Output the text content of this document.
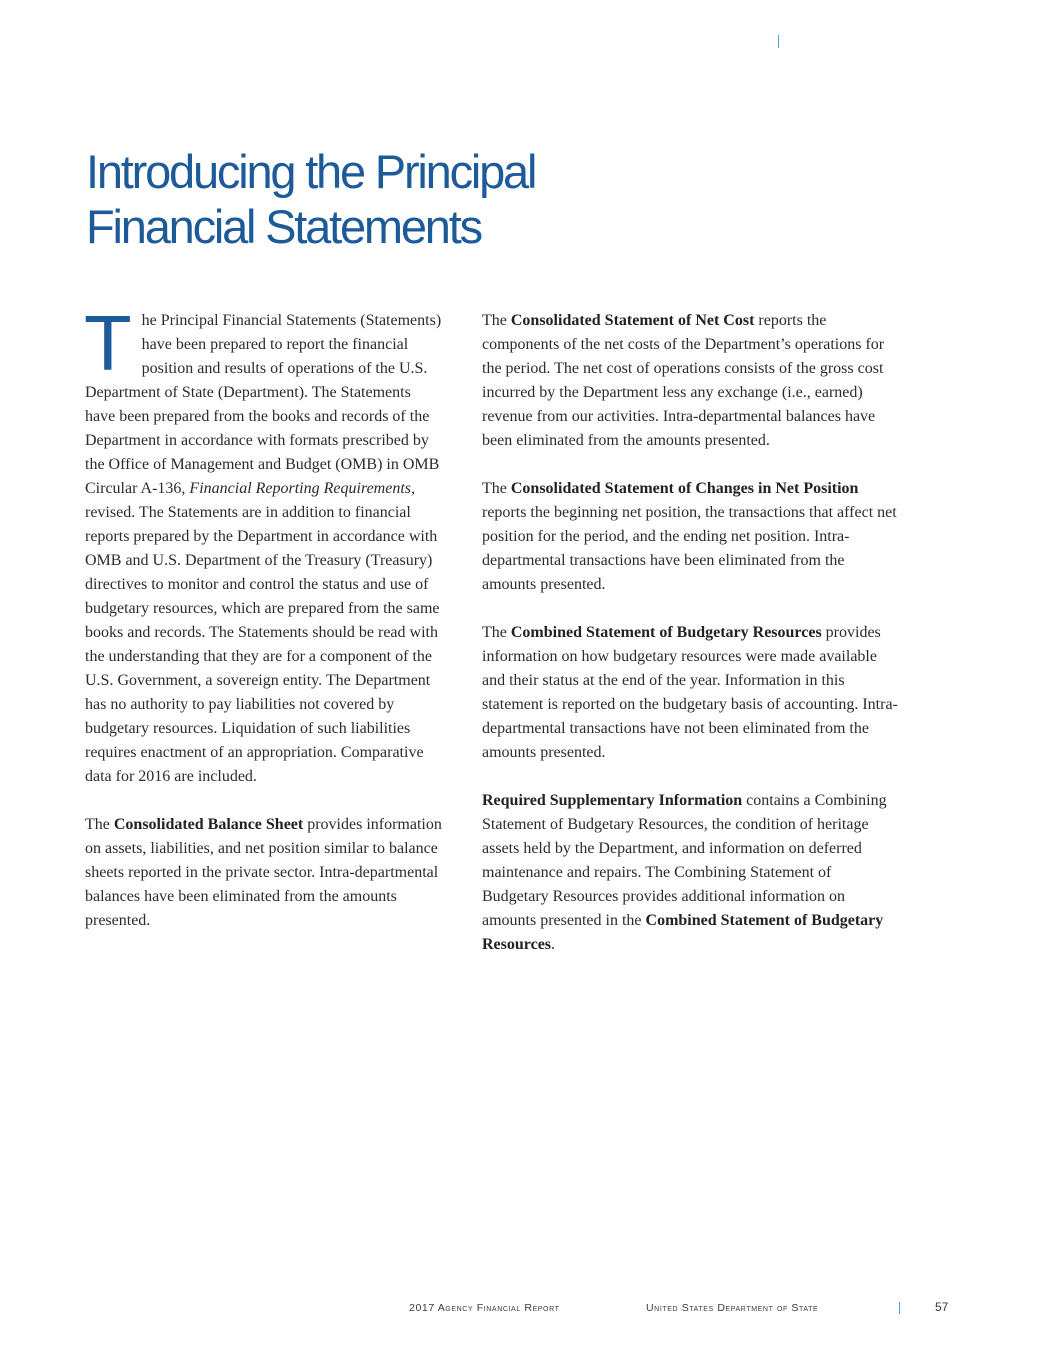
Introducing the Principal
Financial Statements

The Principal Financial Statements (Statements) have been prepared to report the financial position and results of operations of the U.S. Department of State (Department). The Statements have been prepared from the books and records of the Department in accordance with formats prescribed by the Office of Management and Budget (OMB) in OMB Circular A-136, Financial Reporting Requirements, revised. The Statements are in addition to financial reports prepared by the Department in accordance with OMB and U.S. Department of the Treasury (Treasury) directives to monitor and control the status and use of budgetary resources, which are prepared from the same books and records. The Statements should be read with the understanding that they are for a component of the U.S. Government, a sovereign entity. The Department has no authority to pay liabilities not covered by budgetary resources. Liquidation of such liabilities requires enactment of an appropriation. Comparative data for 2016 are included.

The Consolidated Balance Sheet provides information on assets, liabilities, and net position similar to balance sheets reported in the private sector. Intra-departmental balances have been eliminated from the amounts presented.

The Consolidated Statement of Net Cost reports the components of the net costs of the Department’s operations for the period. The net cost of operations consists of the gross cost incurred by the Department less any exchange (i.e., earned) revenue from our activities. Intra-departmental balances have been eliminated from the amounts presented.

The Consolidated Statement of Changes in Net Position reports the beginning net position, the transactions that affect net position for the period, and the ending net position. Intra-departmental transactions have been eliminated from the amounts presented.

The Combined Statement of Budgetary Resources provides information on how budgetary resources were made available and their status at the end of the year. Information in this statement is reported on the budgetary basis of accounting. Intra-departmental transactions have not been eliminated from the amounts presented.

Required Supplementary Information contains a Combining Statement of Budgetary Resources, the condition of heritage assets held by the Department, and information on deferred maintenance and repairs. The Combining Statement of Budgetary Resources provides additional information on amounts presented in the Combined Statement of Budgetary Resources.

2017 Agency Financial Report	United States Department of State	57
